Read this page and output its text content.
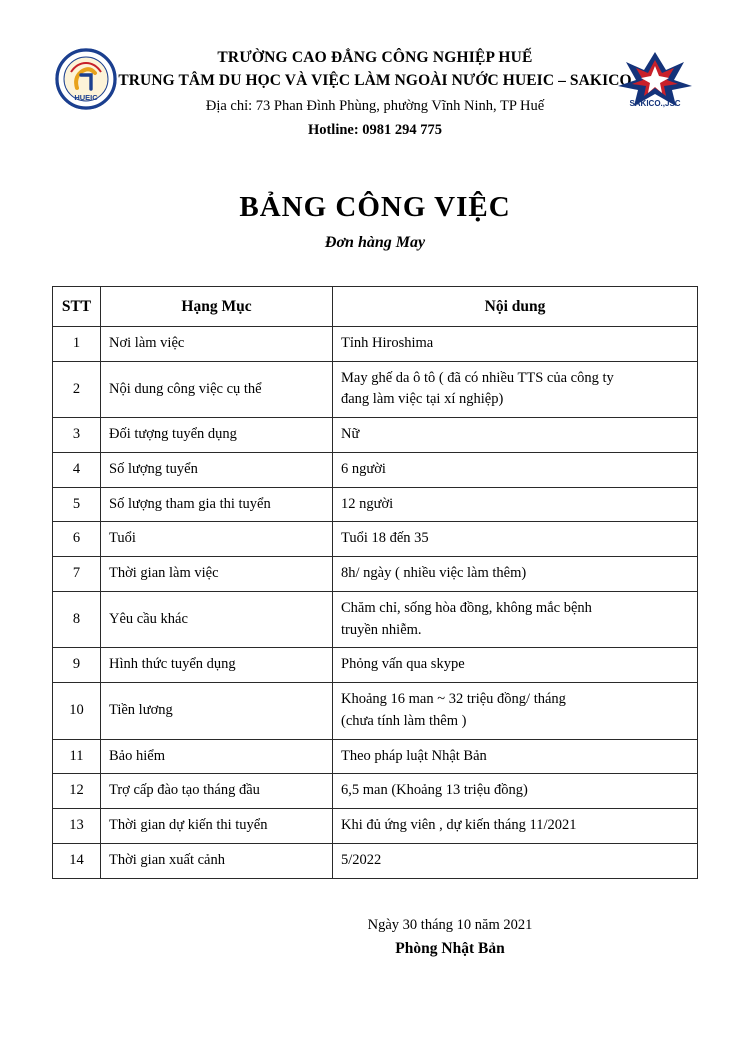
HUEIC
SAKICO.,JSC
TRƯỜNG CAO ĐẲNG CÔNG NGHIỆP HUẾ
TRUNG TÂM DU HỌC VÀ VIỆC LÀM NGOÀI NƯỚC HUEIC – SAKICO
Địa chỉ: 73 Phan Đình Phùng, phường Vĩnh Ninh, TP Huế
Hotline: 0981 294 775
BẢNG CÔNG VIỆC
Đơn hàng May
STT	Hạng Mục	Nội dung
1	Nơi làm việc	Tỉnh Hiroshima
2	Nội dung công việc cụ thể	May ghế da ô tô ( đã có nhiều TTS của công ty
đang làm việc tại xí nghiệp)

3	Đối tượng tuyển dụng	Nữ
4	Số lượng tuyển	6 người
5	Số lượng tham gia thi tuyển	12 người
6	Tuổi	Tuổi 18 đến 35
7	Thời gian làm việc	8h/ ngày ( nhiều việc làm thêm)
8	Yêu cầu khác	Chăm chỉ, sống hòa đồng, không mắc bệnh
truyền nhiễm.

9	Hình thức tuyển dụng	Phỏng vấn qua skype
10	Tiền lương	Khoảng 16 man ~ 32 triệu đồng/ tháng
(chưa tính làm thêm )

11	Bảo hiểm	Theo pháp luật Nhật Bản
12	Trợ cấp đào tạo tháng đầu	6,5 man (Khoảng 13 triệu đồng)
13	Thời gian dự kiến thi tuyển	Khi đủ ứng viên , dự kiến tháng 11/2021
14	Thời gian xuất cảnh	5/2022
Ngày 30 tháng 10 năm 2021
Phòng Nhật Bản
